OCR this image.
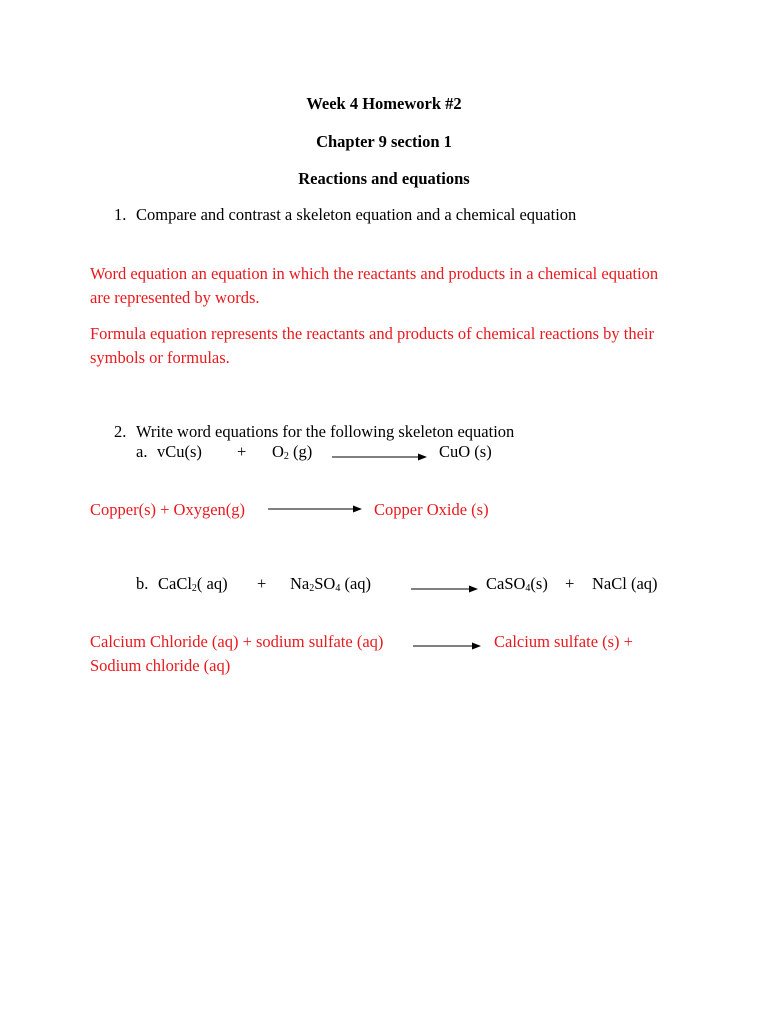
Week 4 Homework #2
Chapter 9 section 1
Reactions and equations
1. Compare and contrast a skeleton equation and a chemical equation
Word equation an equation in which the reactants and products in a chemical equation are represented by words.
Formula equation represents the reactants and products of chemical reactions by their symbols or formulas.
2. Write word equations for the following skeleton equation
a. $vCu(s) + O_2$ (g)	CuO (s)
Copper(s) + Oxygen(g)	Copper Oxide (s)
b. CaCl$_2$( $aq) + Na_2SO_4$ (aq)	CaSO$_4$(s) + NaCl (aq)
Calcium Chloride (aq) + sodium sulfate (aq)	Calcium sulfate (s) +
Sodium chloride (aq)
